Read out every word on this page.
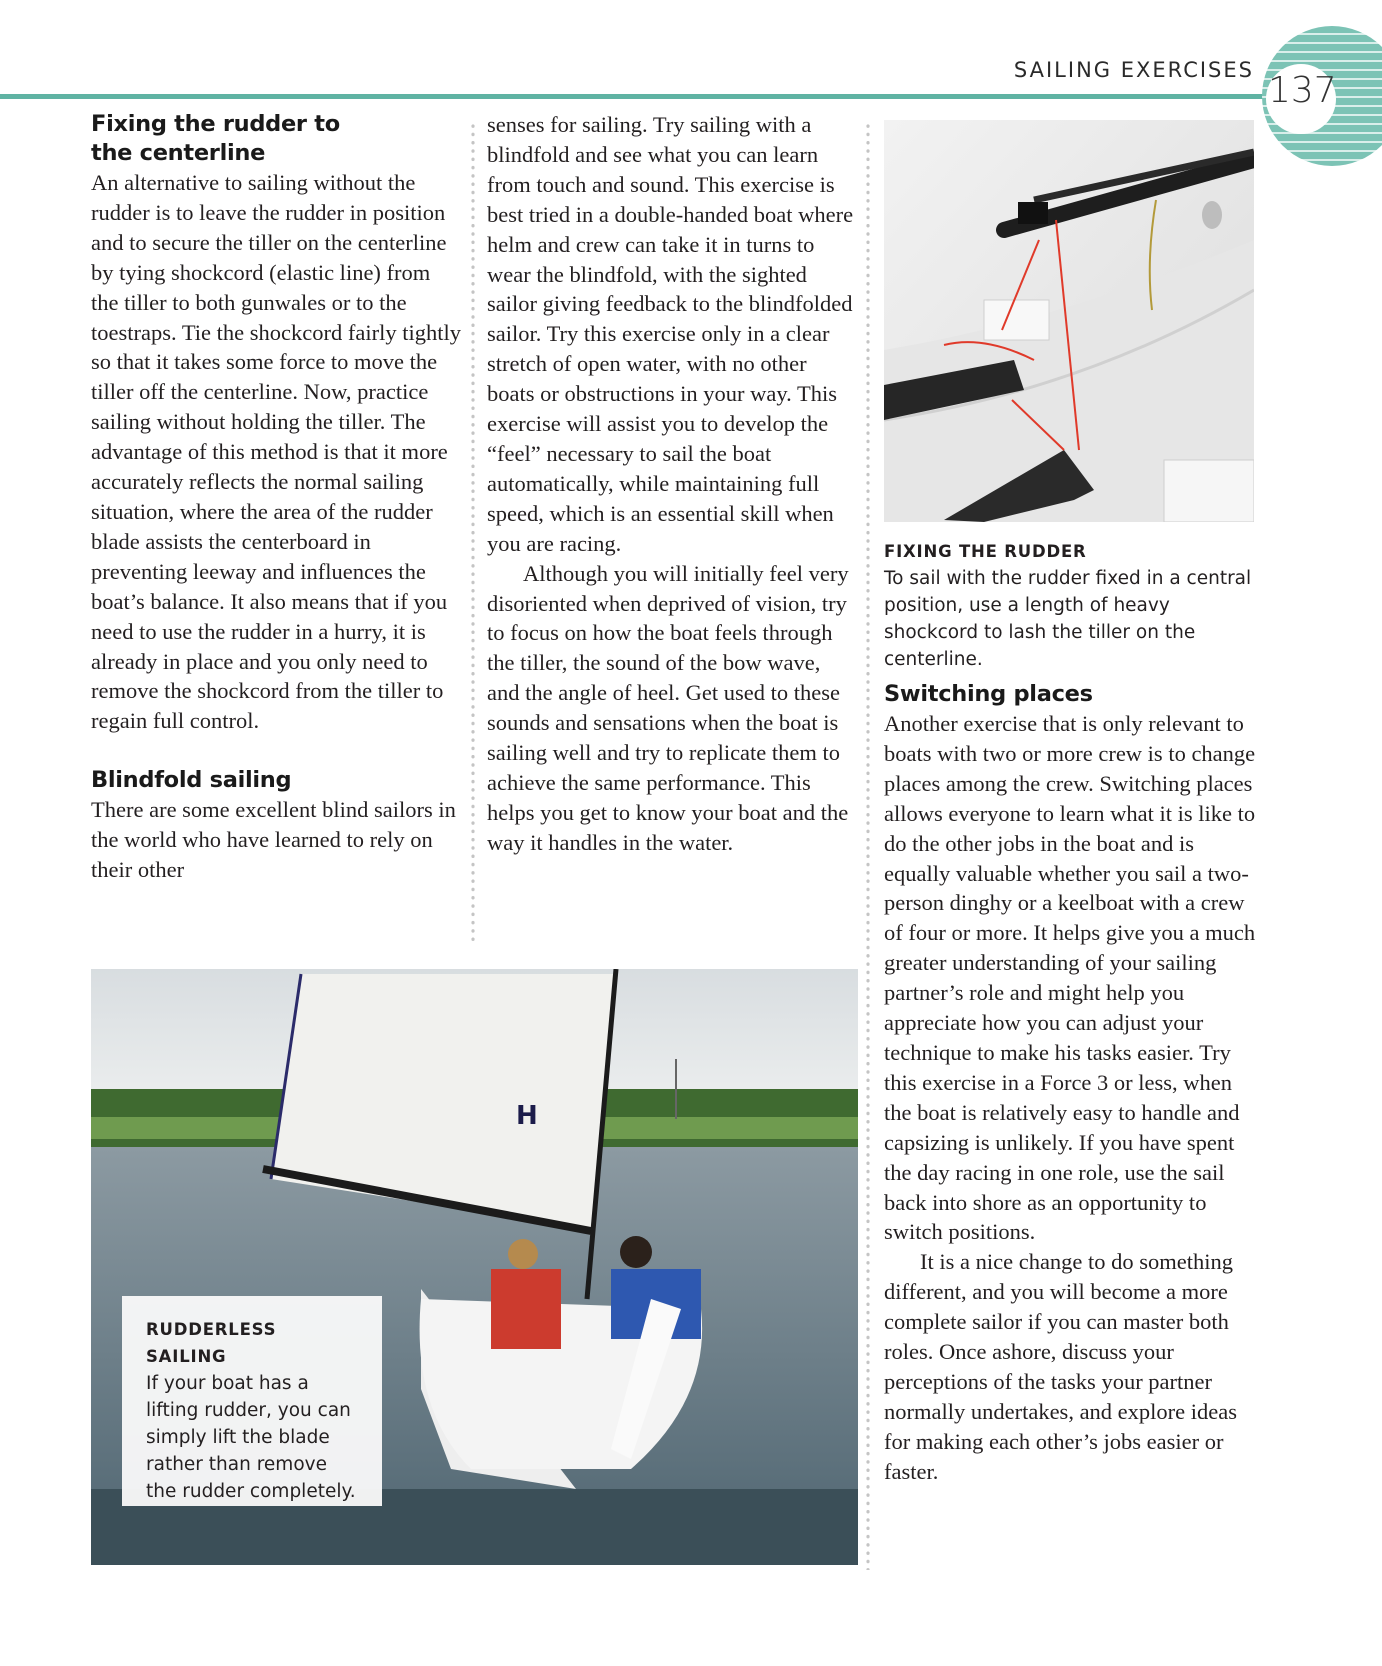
SAILING EXERCISES 137
Fixing the rudder to
the centerline

An alternative to sailing without the rudder is to leave the rudder in position and to secure the tiller on the centerline by tying shockcord (elastic line) from the tiller to both gunwales or to the toestraps. Tie the shockcord fairly tightly so that it takes some force to move the tiller off the centerline. Now, practice sailing without holding the tiller. The advantage of this method is that it more accurately reflects the normal sailing situation, where the area of the rudder blade assists the centerboard in preventing leeway and influences the boat’s balance. It also means that if you need to use the rudder in a hurry, it is already in place and you only need to remove the shockcord from the tiller to regain full control.

Blindfold sailing

There are some excellent blind sailors in the world who have learned to rely on their other

senses for sailing. Try sailing with a blindfold and see what you can learn from touch and sound. This exercise is best tried in a double-handed boat where helm and crew can take it in turns to wear the blindfold, with the sighted sailor giving feedback to the blindfolded sailor. Try this exercise only in a clear stretch of open water, with no other boats or obstructions in your way. This exercise will assist you to develop the “feel” necessary to sail the boat automatically, while maintaining full speed, which is an essential skill when you are racing.

Although you will initially feel very disoriented when deprived of vision, try to focus on how the boat feels through the tiller, the sound of the bow wave, and the angle of heel. Get used to these sounds and sensations when the boat is sailing well and try to replicate them to achieve the same performance. This helps you get to know your boat and the way it handles in the water.

FIXING THE RUDDER
To sail with the rudder fixed in a central position, use a length of heavy shockcord to lash the tiller on the centerline.
Switching places

Another exercise that is only relevant to boats with two or more crew is to change places among the crew. Switching places allows everyone to learn what it is like to do the other jobs in the boat and is equally valuable whether you sail a two-person dinghy or a keelboat with a crew of four or more. It helps give you a much greater understanding of your sailing partner’s role and might help you appreciate how you can adjust your technique to make his tasks easier. Try this exercise in a Force 3 or less, when the boat is relatively easy to handle and capsizing is unlikely. If you have spent the day racing in one role, use the sail back into shore as an opportunity to switch positions.

It is a nice change to do something different, and you will become a more complete sailor if you can master both roles. Once ashore, discuss your perceptions of the tasks your partner normally undertakes, and explore ideas for making each other’s jobs easier or faster.

H
RUDDERLESS SAILING
If your boat has a lifting rudder, you can simply lift the blade rather than remove the rudder completely.
